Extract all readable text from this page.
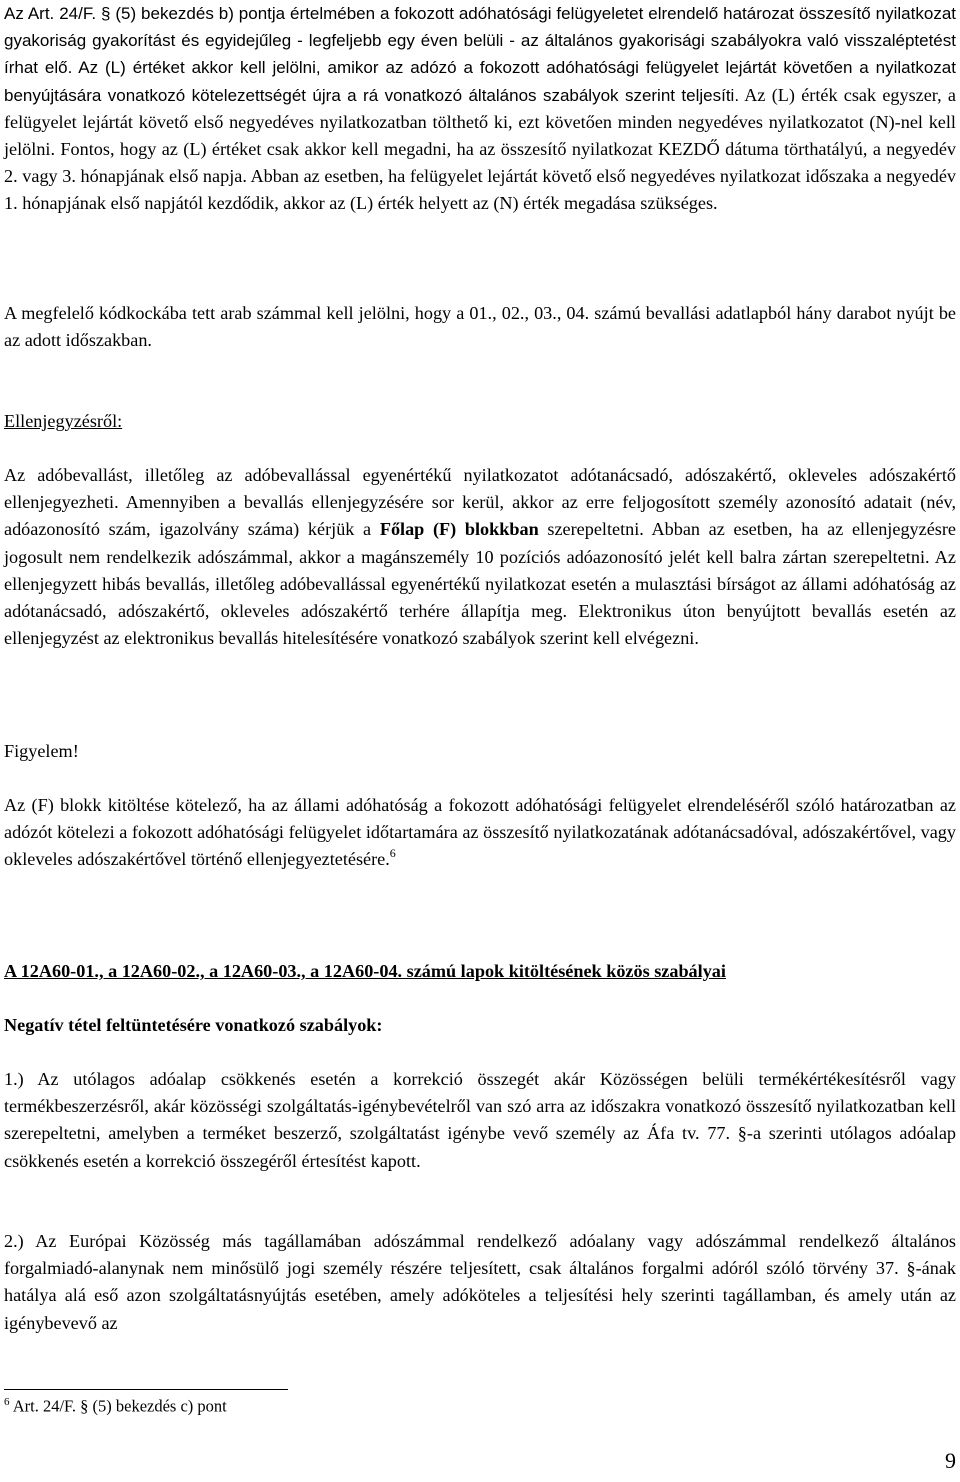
Az Art. 24/F. § (5) bekezdés b) pontja értelmében a fokozott adóhatósági felügyeletet elrendelő határozat összesítő nyilatkozat gyakoriság gyakorítást és egyidejűleg - legfeljebb egy éven belüli - az általános gyakorisági szabályokra való visszaléptetést írhat elő. Az (L) értéket akkor kell jelölni, amikor az adózó a fokozott adóhatósági felügyelet lejártát követően a nyilatkozat benyújtására vonatkozó kötelezettségét újra a rá vonatkozó általános szabályok szerint teljesíti. Az (L) érték csak egyszer, a felügyelet lejártát követő első negyedéves nyilatkozatban tölthető ki, ezt követően minden negyedéves nyilatkozatot (N)-nel kell jelölni. Fontos, hogy az (L) értéket csak akkor kell megadni, ha az összesítő nyilatkozat KEZDŐ dátuma törthatályú, a negyedév 2. vagy 3. hónapjának első napja. Abban az esetben, ha felügyelet lejártát követő első negyedéves nyilatkozat időszaka a negyedév 1. hónapjának első napjától kezdődik, akkor az (L) érték helyett az (N) érték megadása szükséges.

A megfelelő kódkockába tett arab számmal kell jelölni, hogy a 01., 02., 03., 04. számú bevallási adatlapból hány darabot nyújt be az adott időszakban.

Ellenjegyzésről:

Az adóbevallást, illetőleg az adóbevallással egyenértékű nyilatkozatot adótanácsadó, adószakértő, okleveles adószakértő ellenjegyezheti. Amennyiben a bevallás ellenjegyzésére sor kerül, akkor az erre feljogosított személy azonosító adatait (név, adóazonosító szám, igazolvány száma) kérjük a Főlap (F) blokkban szerepeltetni. Abban az esetben, ha az ellenjegyzésre jogosult nem rendelkezik adószámmal, akkor a magánszemély 10 pozíciós adóazonosító jelét kell balra zártan szerepeltetni. Az ellenjegyzett hibás bevallás, illetőleg adóbevallással egyenértékű nyilatkozat esetén a mulasztási bírságot az állami adóhatóság az adótanácsadó, adószakértő, okleveles adószakértő terhére állapítja meg. Elektronikus úton benyújtott bevallás esetén az ellenjegyzést az elektronikus bevallás hitelesítésére vonatkozó szabályok szerint kell elvégezni.

Figyelem!

Az (F) blokk kitöltése kötelező, ha az állami adóhatóság a fokozott adóhatósági felügyelet elrendeléséről szóló határozatban az adózót kötelezi a fokozott adóhatósági felügyelet időtartamára az összesítő nyilatkozatának adótanácsadóval, adószakértővel, vagy okleveles adószakértővel történő ellenjegyeztetésére.$^6$

A 12A60-01., a 12A60-02., a 12A60-03., a 12A60-04. számú lapok kitöltésének közös szabályai

Negatív tétel feltüntetésére vonatkozó szabályok:

1.) Az utólagos adóalap csökkenés esetén a korrekció összegét akár Közösségen belüli termékértékesítésről vagy termékbeszerzésről, akár közösségi szolgáltatás-igénybevételről van szó arra az időszakra vonatkozó összesítő nyilatkozatban kell szerepeltetni, amelyben a terméket beszerző, szolgáltatást igénybe vevő személy az Áfa tv. 77. §-a szerinti utólagos adóalap csökkenés esetén a korrekció összegéről értesítést kapott.

2.) Az Európai Közösség más tagállamában adószámmal rendelkező adóalany vagy adószámmal rendelkező általános forgalmiadó-alanynak nem minősülő jogi személy részére teljesített, csak általános forgalmi adóról szóló törvény 37. §-ának hatálya alá eső azon szolgáltatásnyújtás esetében, amely adóköteles a teljesítési hely szerinti tagállamban, és amely után az igénybevevő az

$^6$ Art. 24/F. § (5) bekezdés c) pont
9
